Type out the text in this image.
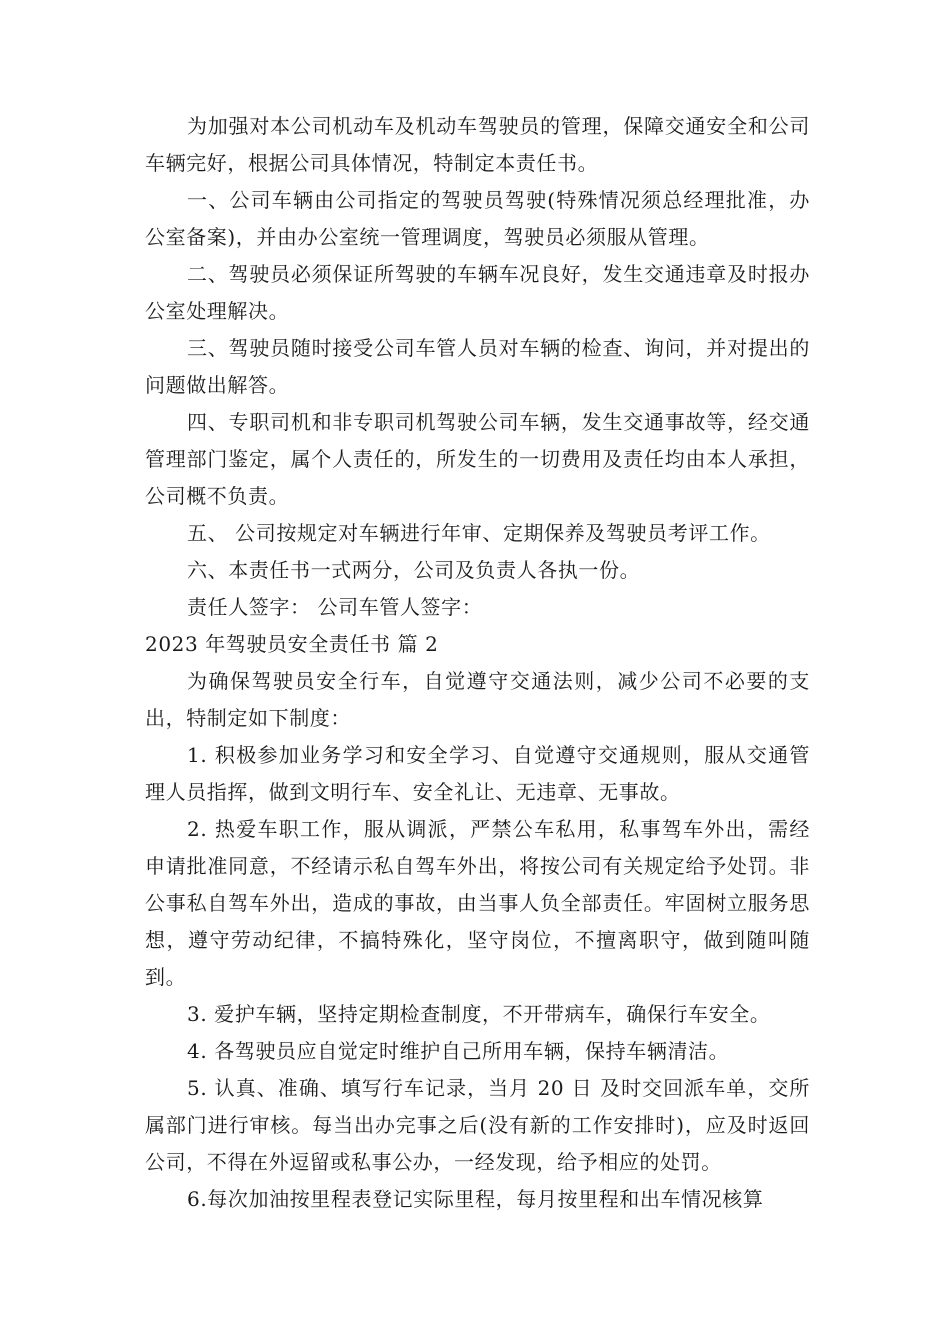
为加强对本公司机动车及机动车驾驶员的管理，保障交通安全和公司车辆完好，根据公司具体情况，特制定本责任书。

一、公司车辆由公司指定的驾驶员驾驶(特殊情况须总经理批准，办公室备案)，并由办公室统一管理调度，驾驶员必须服从管理。

二、驾驶员必须保证所驾驶的车辆车况良好，发生交通违章及时报办公室处理解决。

三、驾驶员随时接受公司车管人员对车辆的检查、询问，并对提出的问题做出解答。

四、专职司机和非专职司机驾驶公司车辆，发生交通事故等，经交通管理部门鉴定，属个人责任的，所发生的一切费用及责任均由本人承担，公司概不负责。

五、 公司按规定对车辆进行年审、定期保养及驾驶员考评工作。

六、本责任书一式两分，公司及负责人各执一份。

责任人签字： 公司车管人签字：

2023 年驾驶员安全责任书 篇 2

为确保驾驶员安全行车，自觉遵守交通法则，减少公司不必要的支出，特制定如下制度：

1. 积极参加业务学习和安全学习、自觉遵守交通规则，服从交通管理人员指挥，做到文明行车、安全礼让、无违章、无事故。

2. 热爱车职工作，服从调派，严禁公车私用，私事驾车外出，需经申请批准同意，不经请示私自驾车外出，将按公司有关规定给予处罚。非公事私自驾车外出，造成的事故，由当事人负全部责任。牢固树立服务思想，遵守劳动纪律，不搞特殊化，坚守岗位，不擅离职守，做到随叫随到。

3. 爱护车辆，坚持定期检查制度，不开带病车，确保行车安全。

4. 各驾驶员应自觉定时维护自己所用车辆，保持车辆清洁。

5. 认真、准确、填写行车记录，当月 20 日 及时交回派车单，交所属部门进行审核。每当出办完事之后(没有新的工作安排时)，应及时返回公司，不得在外逗留或私事公办，一经发现，给予相应的处罚。

6.每次加油按里程表登记实际里程，每月按里程和出车情况核算
